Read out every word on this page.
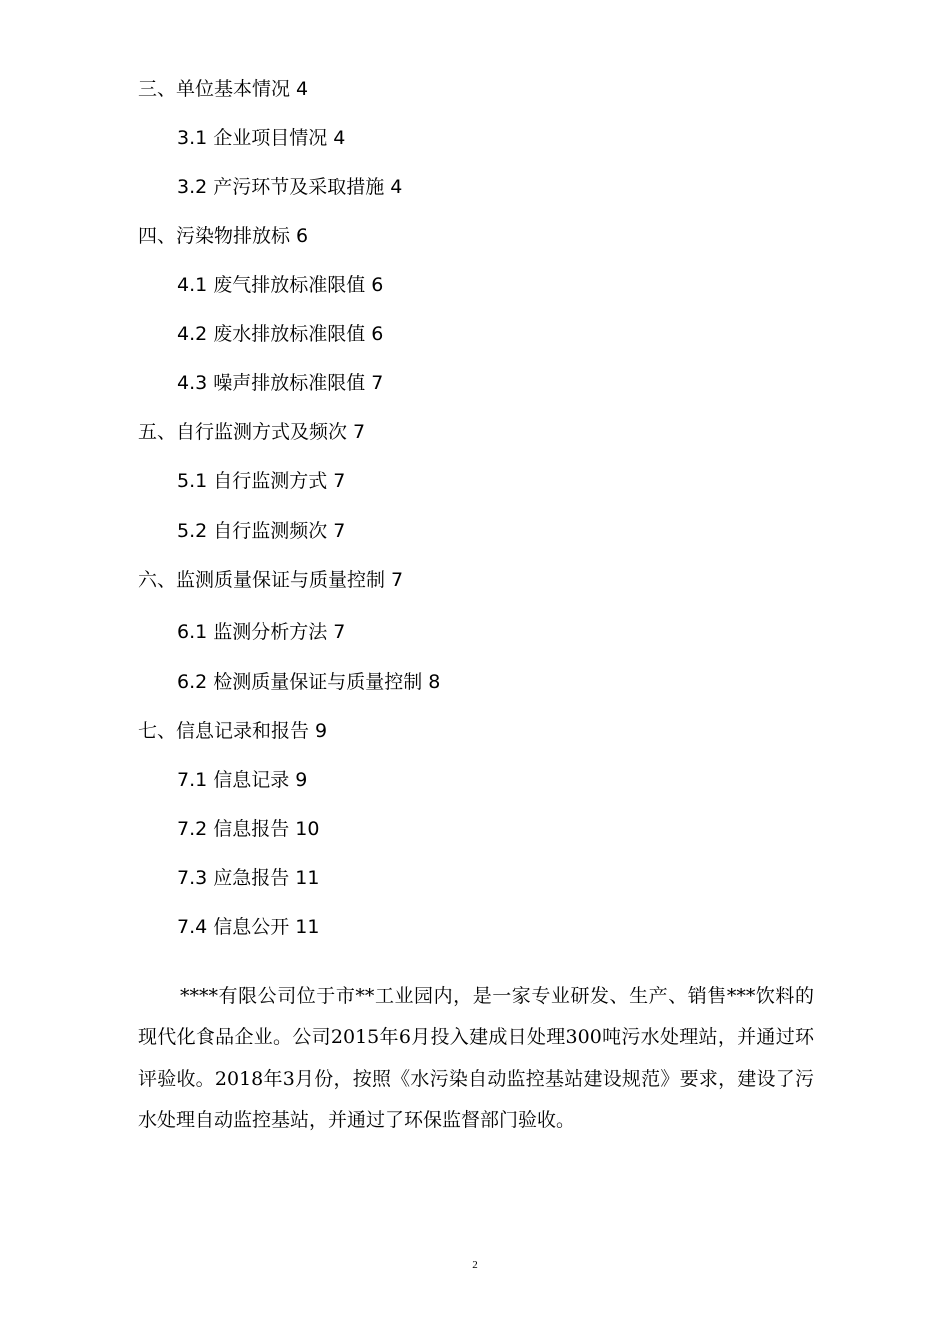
三、单位基本情况 4
3.1 企业项目情况 4
3.2 产污环节及采取措施 4
四、污染物排放标 6
4.1 废气排放标准限值 6
4.2 废水排放标准限值 6
4.3 噪声排放标准限值 7
五、自行监测方式及频次 7
5.1 自行监测方式 7
5.2 自行监测频次 7
六、监测质量保证与质量控制 7
6.1 监测分析方法 7
6.2 检测质量保证与质量控制 8
七、信息记录和报告 9
7.1 信息记录 9
7.2 信息报告 10
7.3 应急报告 11
7.4 信息公开 11

****有限公司位于市**工业园内，是一家专业研发、生产、销售***饮料的现代化食品企业。公司2015年6月投入建成日处理300吨污水处理站，并通过环评验收。2018年3月份，按照《水污染自动监控基站建设规范》要求，建设了污水处理自动监控基站，并通过了环保监督部门验收。

2
